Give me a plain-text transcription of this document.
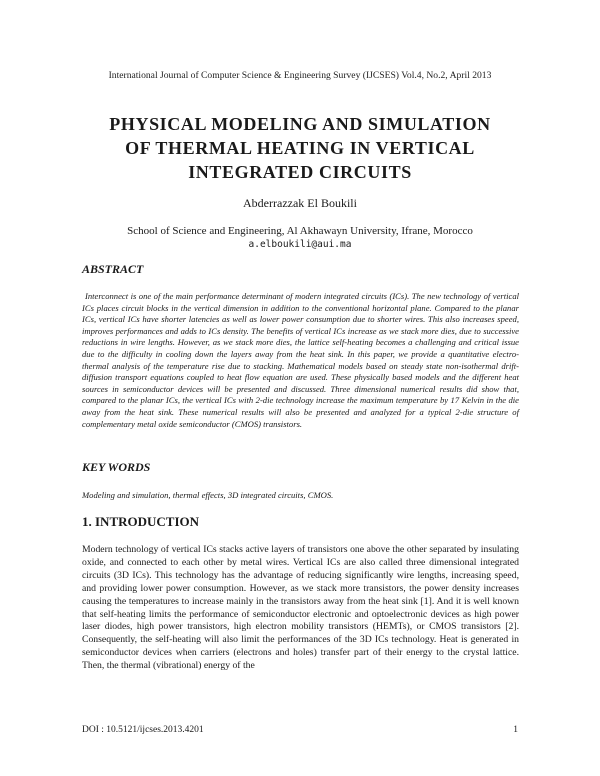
International Journal of Computer Science & Engineering Survey (IJCSES) Vol.4, No.2, April 2013
PHYSICAL MODELING AND SIMULATION
OF THERMAL HEATING IN VERTICAL
INTEGRATED CIRCUITS
Abderrazzak El Boukili
School of Science and Engineering, Al Akhawayn University, Ifrane, Morocco
a.elboukili@aui.ma
ABSTRACT
Interconnect is one of the main performance determinant of modern integrated circuits (ICs). The new technology of vertical ICs places circuit blocks in the vertical dimension in addition to the conventional horizontal plane. Compared to the planar ICs, vertical ICs have shorter latencies as well as lower power consumption due to shorter wires. This also increases speed, improves performances and adds to ICs density. The benefits of vertical ICs increase as we stack more dies, due to successive reductions in wire lengths. However, as we stack more dies, the lattice self-heating becomes a challenging and critical issue due to the difficulty in cooling down the layers away from the heat sink. In this paper, we provide a quantitative electro-thermal analysis of the temperature rise due to stacking. Mathematical models based on steady state non-isothermal drift-diffusion transport equations coupled to heat flow equation are used. These physically based models and the different heat sources in semiconductor devices will be presented and discussed. Three dimensional numerical results did show that, compared to the planar ICs, the vertical ICs with 2-die technology increase the maximum temperature by 17 Kelvin in the die away from the heat sink. These numerical results will also be presented and analyzed for a typical 2-die structure of complementary metal oxide semiconductor (CMOS) transistors.
KEY WORDS
Modeling and simulation, thermal effects, 3D integrated circuits, CMOS.
1. INTRODUCTION
Modern technology of vertical ICs stacks active layers of transistors one above the other separated by insulating oxide, and connected to each other by metal wires. Vertical ICs are also called three dimensional integrated circuits (3D ICs). This technology has the advantage of reducing significantly wire lengths, increasing speed, and providing lower power consumption. However, as we stack more transistors, the power density increases causing the temperatures to increase mainly in the transistors away from the heat sink [1]. And it is well known that self-heating limits the performance of semiconductor electronic and optoelectronic devices as high power laser diodes, high power transistors, high electron mobility transistors (HEMTs), or CMOS transistors [2]. Consequently, the self-heating will also limit the performances of the 3D ICs technology. Heat is generated in semiconductor devices when carriers (electrons and holes) transfer part of their energy to the crystal lattice. Then, the thermal (vibrational) energy of the
DOI : 10.5121/ijcses.2013.4201	1
